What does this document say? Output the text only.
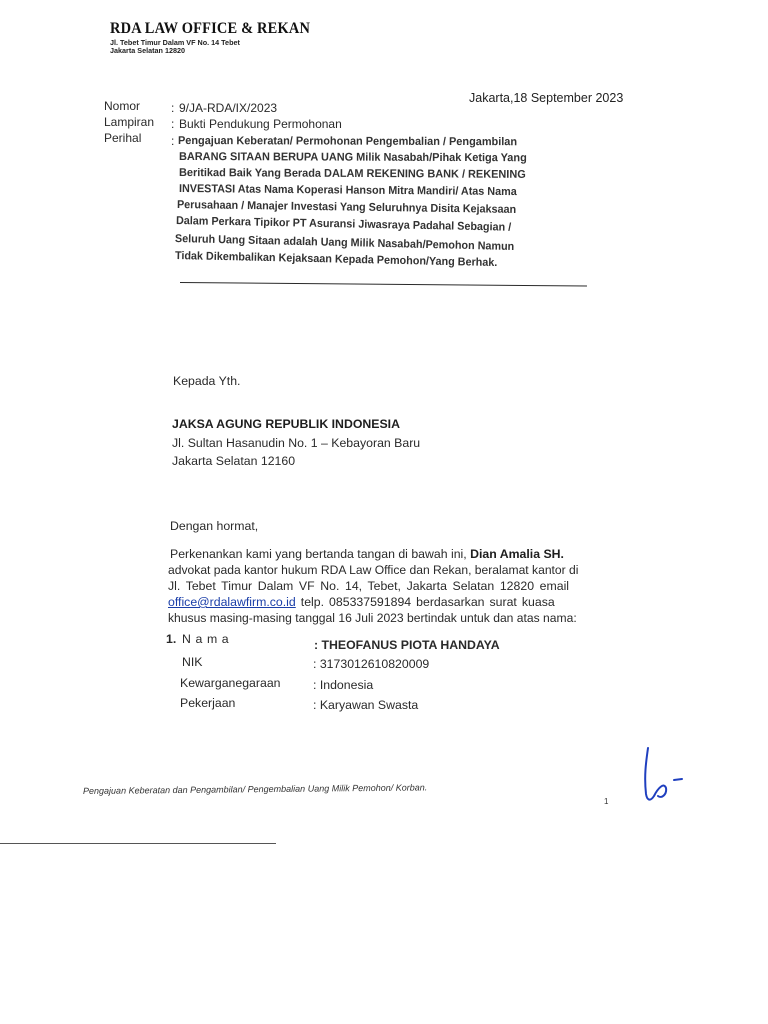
RDA LAW OFFICE & REKAN
Jl. Tebet Timur Dalam VF No. 14 Tebet
Jakarta Selatan 12820
Jakarta,18 September 2023
Nomor	: 9/JA-RDA/IX/2023
Lampiran : Bukti Pendukung Permohonan
Perihal : Pengajuan Keberatan/ Permohonan Pengembalian / Pengambilan
BARANG SITAAN BERUPA UANG Milik Nasabah/Pihak Ketiga Yang
Beritikad Baik Yang Berada DALAM REKENING BANK / REKENING
INVESTASI Atas Nama Koperasi Hanson Mitra Mandiri/ Atas Nama
Perusahaan / Manajer Investasi Yang Seluruhnya Disita Kejaksaan
Dalam Perkara Tipikor PT Asuransi Jiwasraya Padahal Sebagian /
Seluruh Uang Sitaan adalah Uang Milik Nasabah/Pemohon Namun
Tidak Dikembalikan Kejaksaan Kepada Pemohon/Yang Berhak.
Kepada Yth.
JAKSA AGUNG REPUBLIK INDONESIA
Jl. Sultan Hasanudin No. 1 – Kebayoran Baru
Jakarta Selatan 12160
Dengan hormat,
Perkenankan kami yang bertanda tangan di bawah ini, Dian Amalia SH.
advokat pada kantor hukum RDA Law Office dan Rekan, beralamat kantor di
Jl. Tebet Timur Dalam VF No. 14, Tebet, Jakarta Selatan 12820 email
office@rdalawfirm.co.id telp. 085337591894 berdasarkan surat kuasa
khusus masing-masing tanggal 16 Juli 2023 bertindak untuk dan atas nama:
1. N a m a	: THEOFANUS PIOTA HANDAYA
NIK	: 3173012610820009
Kewarganegaraan	: Indonesia
Pekerjaan	: Karyawan Swasta
Pengajuan Keberatan dan Pengambilan/ Pengembalian Uang Milik Pemohon/ Korban.
1
